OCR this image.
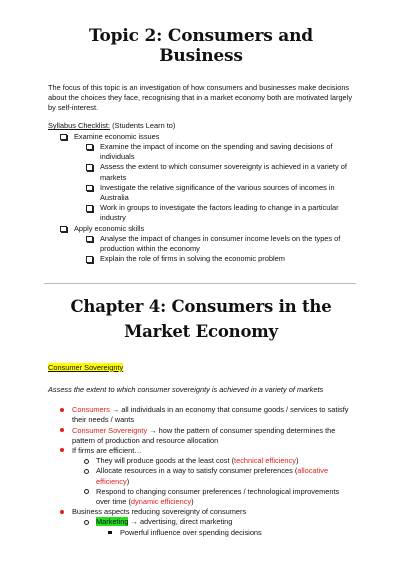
Topic 2: Consumers and Business

The focus of this topic is an investigation of how consumers and businesses make decisions about the choices they face, recognising that in a market economy both are motivated largely by self-interest.

Syllabus Checklist: (Students Learn to)

Examine economic issues
Examine the impact of income on the spending and saving decisions of individuals
Assess the extent to which consumer sovereignty is achieved in a variety of markets
Investigate the relative significance of the various sources of incomes in Australia
Work in groups to investigate the factors leading to change in a particular industry
Apply economic skills
Analyse the impact of changes in consumer income levels on the types of production within the economy
Explain the role of firms in solving the economic problem
Chapter 4: Consumers in the Market Economy

Consumer Sovereignty

Assess the extent to which consumer sovereignty is achieved in a variety of markets

Consumers → all individuals in an economy that consume goods / services to satisfy their needs / wants
Consumer Sovereignty → how the pattern of consumer spending determines the pattern of production and resource allocation
If firms are efficient…
They will produce goods at the least cost (technical efficiency)
Allocate resources in a way to satisfy consumer preferences (allocative efficiency)
Respond to changing consumer preferences / technological improvements over time (dynamic efficiency)
Business aspects reducing sovereignty of consumers
Marketing → advertising, direct marketing
Powerful influence over spending decisions
